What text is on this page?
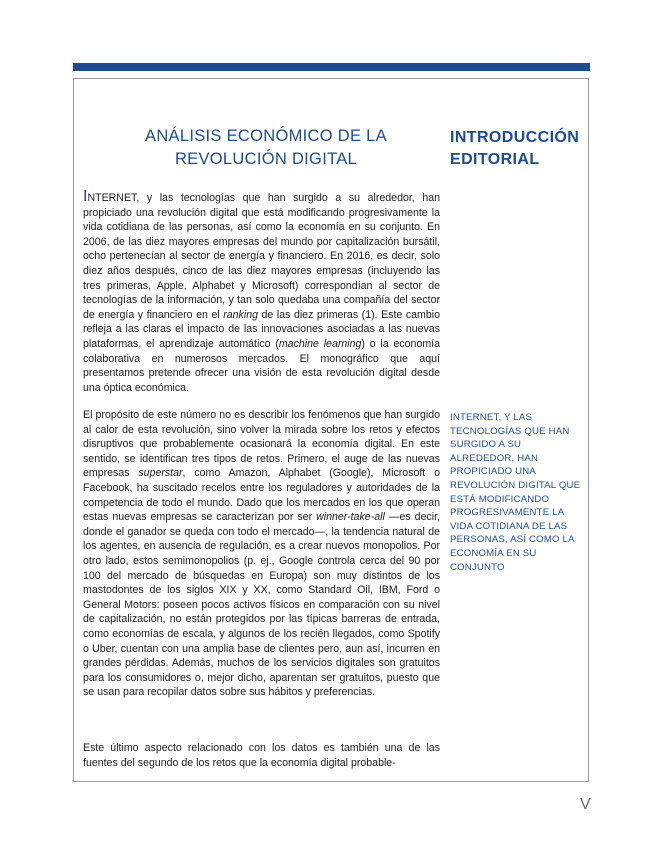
ANÁLISIS ECONÓMICO DE LA REVOLUCIÓN DIGITAL
INTRODUCCIÓN EDITORIAL

INTERNET, y las tecnologías que han surgido a su alrededor, han propiciado una revolución digital que está modificando progresivamente la vida cotidiana de las personas, así como la economía en su conjunto. En 2006, de las diez mayores empresas del mundo por capitalización bursátil, ocho pertenecían al sector de energía y financiero. En 2016, es decir, solo diez años después, cinco de las diez mayores empresas (incluyendo las tres primeras, Apple, Alphabet y Microsoft) correspondían al sector de tecnologías de la información, y tan solo quedaba una compañía del sector de energía y financiero en el ranking de las diez primeras (1). Este cambio refleja a las claras el impacto de las innovaciones asociadas a las nuevas plataformas, el aprendizaje automático (machine learning) o la economía colaborativa en numerosos mercados. El monográfico que aquí presentamos pretende ofrecer una visión de esta revolución digital desde una óptica económica.

El propósito de este número no es describir los fenómenos que han surgido al calor de esta revolución, sino volver la mirada sobre los retos y efectos disruptivos que probablemente ocasionará la economía digital. En este sentido, se identifican tres tipos de retos. Primero, el auge de las nuevas empresas superstar, como Amazon, Alphabet (Google), Microsoft o Facebook, ha suscitado recelos entre los reguladores y autoridades de la competencia de todo el mundo. Dado que los mercados en los que operan estas nuevas empresas se caracterizan por ser winner-take-all —es decir, donde el ganador se queda con todo el mercado—, la tendencia natural de los agentes, en ausencia de regulación, es a crear nuevos monopolios. Por otro lado, estos semimonopolios (p. ej., Google controla cerca del 90 por 100 del mercado de búsquedas en Europa) son muy distintos de los mastodontes de los siglos XIX y XX, como Standard Oil, IBM, Ford o General Motors: poseen pocos activos físicos en comparación con su nivel de capitalización, no están protegidos por las típicas barreras de entrada, como economías de escala, y algunos de los recién llegados, como Spotify o Uber, cuentan con una amplia base de clientes pero, aun así, incurren en grandes pérdidas. Además, muchos de los servicios digitales son gratuitos para los consumidores o, mejor dicho, aparentan ser gratuitos, puesto que se usan para recopilar datos sobre sus hábitos y preferencias.

Este último aspecto relacionado con los datos es también una de las fuentes del segundo de los retos que la economía digital probable-

INTERNET, Y LAS TECNOLOGÍAS QUE HAN SURGIDO A SU ALREDEDOR, HAN PROPICIADO UNA REVOLUCIÓN DIGITAL QUE ESTÁ MODIFICANDO PROGRESIVAMENTE LA VIDA COTIDIANA DE LAS PERSONAS, ASÍ COMO LA ECONOMÍA EN SU CONJUNTO
V
